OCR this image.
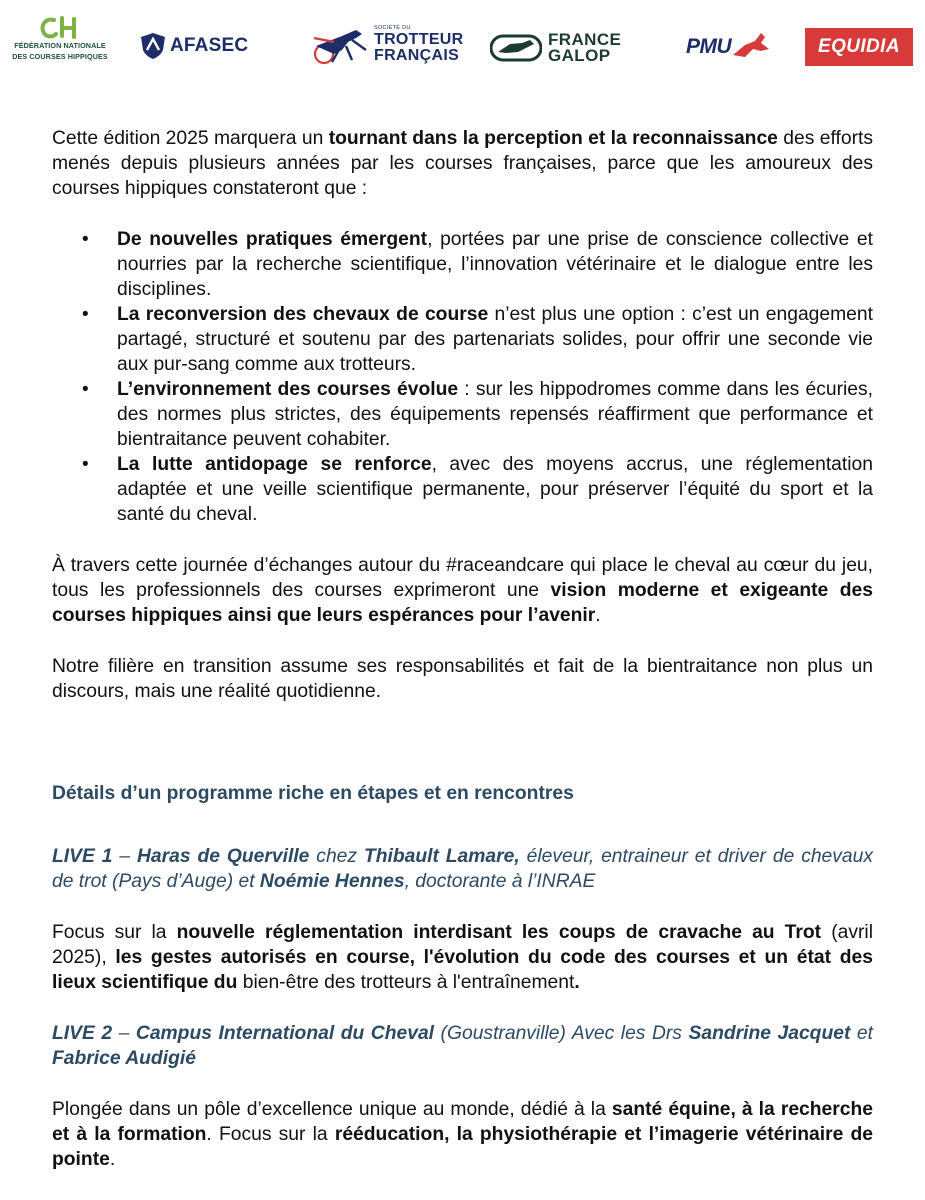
FÉDÉRATION NATIONALE
DES COURSES HIPPIQUES	AFASEC
SOCIÉTÉ DU
TROTTEUR
FRANÇAIS
FRANCE
GALOP	PMU	EQUIDIA

Cette édition 2025 marquera un tournant dans la perception et la reconnaissance des efforts menés depuis plusieurs années par les courses françaises, parce que les amoureux des courses hippiques constateront que :

• De nouvelles pratiques émergent, portées par une prise de conscience collective et nourries par la recherche scientifique, l’innovation vétérinaire et le dialogue entre les disciplines.
• La reconversion des chevaux de course n’est plus une option : c’est un engagement partagé, structuré et soutenu par des partenariats solides, pour offrir une seconde vie aux pur-sang comme aux trotteurs.
• L’environnement des courses évolue : sur les hippodromes comme dans les écuries, des normes plus strictes, des équipements repensés réaffirment que performance et bientraitance peuvent cohabiter.
• La lutte antidopage se renforce, avec des moyens accrus, une réglementation adaptée et une veille scientifique permanente, pour préserver l’équité du sport et la santé du cheval.

À travers cette journée d’échanges autour du #raceandcare qui place le cheval au cœur du jeu, tous les professionnels des courses exprimeront une vision moderne et exigeante des courses hippiques ainsi que leurs espérances pour l’avenir.

Notre filière en transition assume ses responsabilités et fait de la bientraitance non plus un discours, mais une réalité quotidienne.

Détails d’un programme riche en étapes et en rencontres

LIVE 1 – Haras de Querville chez Thibault Lamare, éleveur, entraineur et driver de chevaux de trot (Pays d’Auge) et Noémie Hennes, doctorante à l’INRAE

Focus sur la nouvelle réglementation interdisant les coups de cravache au Trot (avril 2025), les gestes autorisés en course, l'évolution du code des courses et un état des lieux scientifique du bien-être des trotteurs à l'entraînement.

LIVE 2 – Campus International du Cheval (Goustranville) Avec les Drs Sandrine Jacquet et Fabrice Audigié

Plongée dans un pôle d’excellence unique au monde, dédié à la santé équine, à la recherche et à la formation. Focus sur la rééducation, la physiothérapie et l’imagerie vétérinaire de pointe.
